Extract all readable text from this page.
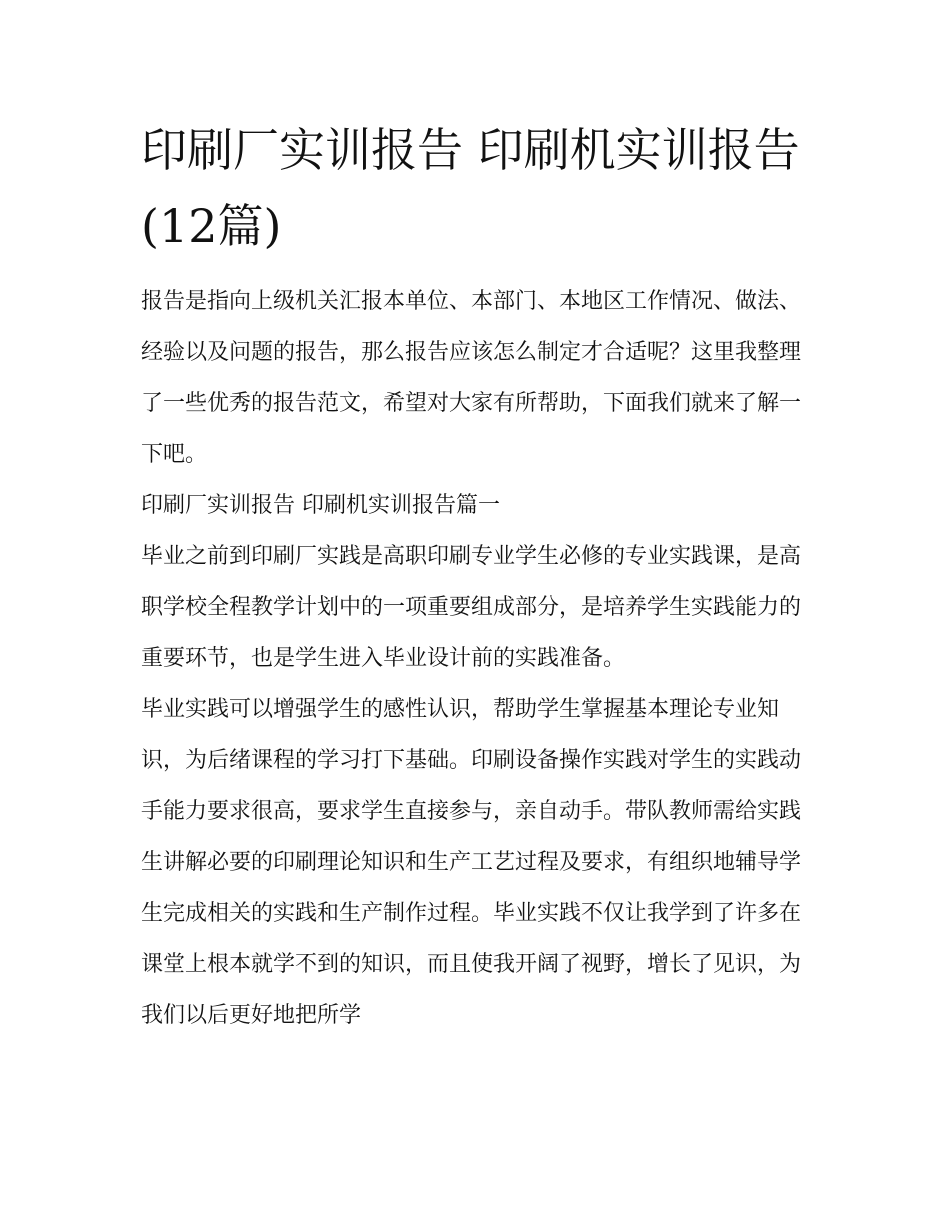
印刷厂实训报告 印刷机实训报告(12篇)

报告是指向上级机关汇报本单位、本部门、本地区工作情况、做法、经验以及问题的报告，那么报告应该怎么制定才合适呢？这里我整理了一些优秀的报告范文，希望对大家有所帮助，下面我们就来了解一下吧。

印刷厂实训报告 印刷机实训报告篇一

毕业之前到印刷厂实践是高职印刷专业学生必修的专业实践课，是高职学校全程教学计划中的一项重要组成部分，是培养学生实践能力的重要环节，也是学生进入毕业设计前的实践准备。

毕业实践可以增强学生的感性认识，帮助学生掌握基本理论专业知识，为后绪课程的学习打下基础。印刷设备操作实践对学生的实践动手能力要求很高，要求学生直接参与，亲自动手。带队教师需给实践生讲解必要的印刷理论知识和生产工艺过程及要求，有组织地辅导学生完成相关的实践和生产制作过程。毕业实践不仅让我学到了许多在课堂上根本就学不到的知识，而且使我开阔了视野，增长了见识，为我们以后更好地把所学
